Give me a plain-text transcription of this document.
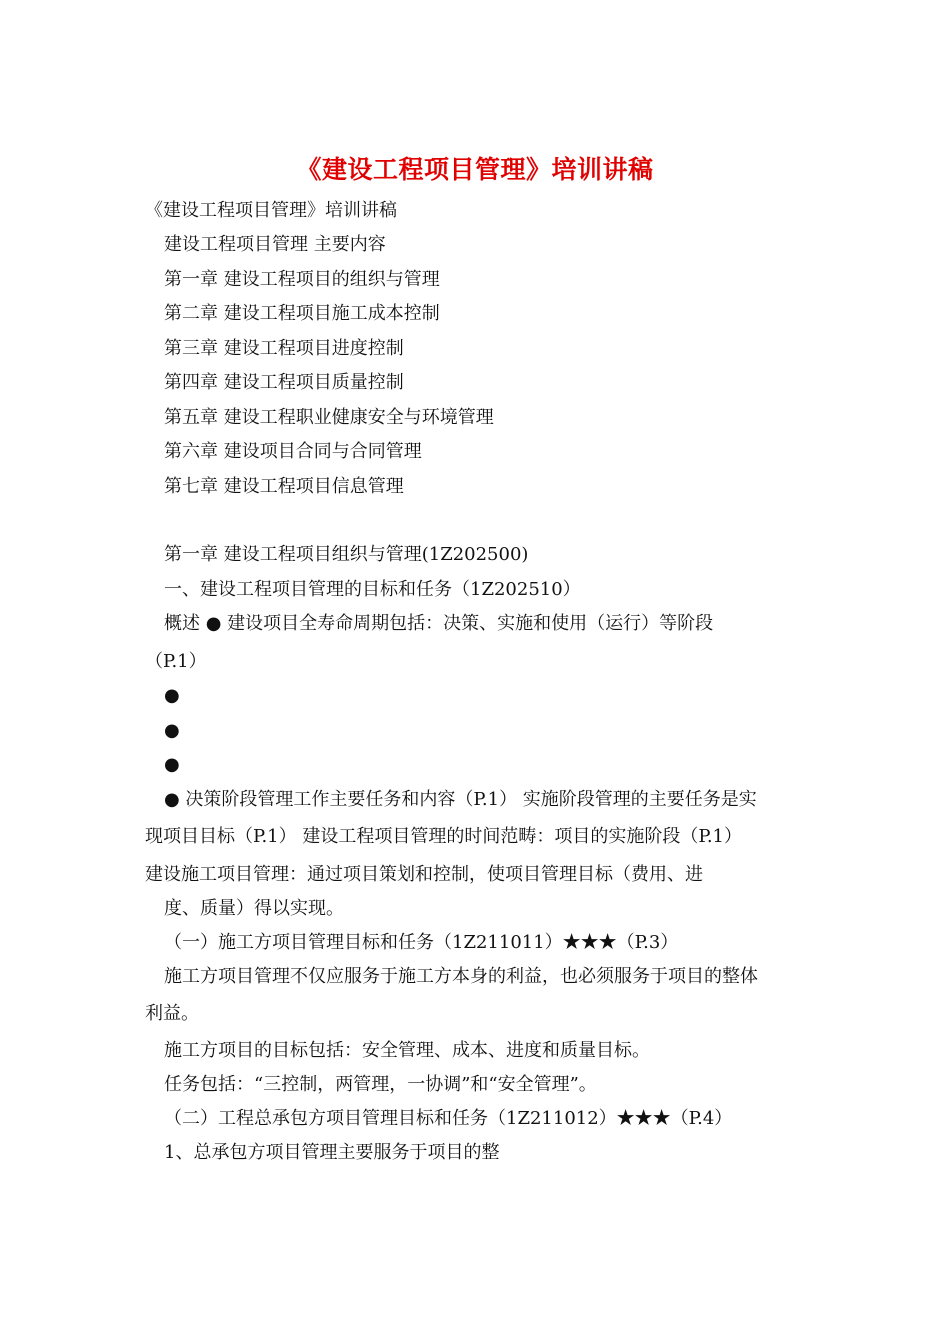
《建设工程项目管理》培训讲稿
《建设工程项目管理》培训讲稿
建设工程项目管理 主要内容
第一章 建设工程项目的组织与管理
第二章 建设工程项目施工成本控制
第三章 建设工程项目进度控制
第四章 建设工程项目质量控制
第五章 建设工程职业健康安全与环境管理
第六章 建设项目合同与合同管理
第七章 建设工程项目信息管理
第一章 建设工程项目组织与管理(1Z202500)
一、建设工程项目管理的目标和任务（1Z202510）
概述 ● 建设项目全寿命周期包括：决策、实施和使用（运行）等阶段
（P.1）
●
●
●
● 决策阶段管理工作主要任务和内容（P.1） 实施阶段管理的主要任务是实
现项目目标（P.1） 建设工程项目管理的时间范畴：项目的实施阶段（P.1）
建设施工项目管理：通过项目策划和控制，使项目管理目标（费用、进
度、质量）得以实现。
（一）施工方项目管理目标和任务（1Z211011）★★★（P.3）
施工方项目管理不仅应服务于施工方本身的利益，也必须服务于项目的整体
利益。
施工方项目的目标包括：安全管理、成本、进度和质量目标。
任务包括：“三控制，两管理，一协调”和“安全管理”。
（二）工程总承包方项目管理目标和任务（1Z211012）★★★（P.4）
1、总承包方项目管理主要服务于项目的整
